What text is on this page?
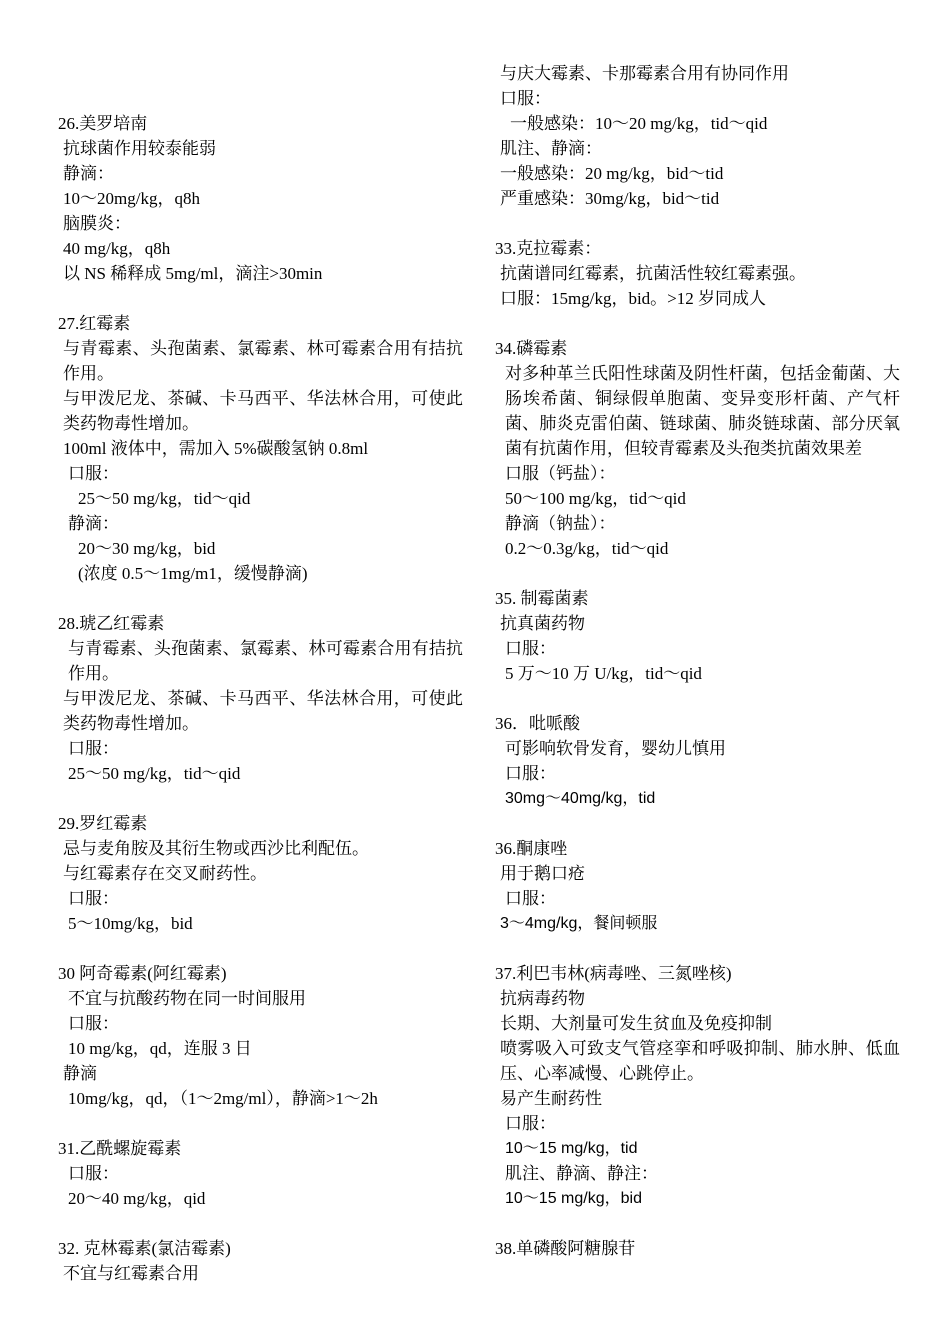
26.美罗培南
抗球菌作用较泰能弱
静滴：
10～20mg/kg，q8h
脑膜炎：
40 mg/kg，q8h
以 NS 稀释成 5mg/ml，滴注>30min
27.红霉素
与青霉素、头孢菌素、氯霉素、林可霉素合用有拮抗作用。
与甲泼尼龙、茶碱、卡马西平、华法林合用，可使此类药物毒性增加。
100ml 液体中，需加入 5%碳酸氢钠 0.8ml
口服：
25～50 mg/kg，tid～qid
静滴：
20～30 mg/kg，bid
(浓度 0.5～1mg/m1，缓慢静滴)
28.琥乙红霉素
与青霉素、头孢菌素、氯霉素、林可霉素合用有拮抗作用。
与甲泼尼龙、茶碱、卡马西平、华法林合用，可使此类药物毒性增加。
口服：
25～50 mg/kg，tid～qid
29.罗红霉素
忌与麦角胺及其衍生物或西沙比利配伍。
与红霉素存在交叉耐药性。
口服：
5～10mg/kg，bid
30 阿奇霉素(阿红霉素)
不宜与抗酸药物在同一时间服用
口服：
10 mg/kg，qd，连服 3 日
静滴
10mg/kg，qd，（1～2mg/ml），静滴>1～2h
31.乙酰螺旋霉素
口服：
20～40 mg/kg，qid
32. 克林霉素(氯洁霉素)
不宜与红霉素合用
与庆大霉素、卡那霉素合用有协同作用
口服：
一般感染：10～20 mg/kg，tid～qid
肌注、静滴：
一般感染：20 mg/kg，bid～tid
严重感染：30mg/kg，bid～tid
33.克拉霉素：
抗菌谱同红霉素，抗菌活性较红霉素强。
口服：15mg/kg，bid。>12 岁同成人
34.磷霉素
对多种革兰氏阳性球菌及阴性杆菌，包括金葡菌、大肠埃希菌、铜绿假单胞菌、变异变形杆菌、产气杆菌、肺炎克雷伯菌、链球菌、肺炎链球菌、部分厌氧菌有抗菌作用，但较青霉素及头孢类抗菌效果差
口服（钙盐）：
50～100 mg/kg，tid～qid
静滴（钠盐）：
0.2～0.3g/kg，tid～qid
35. 制霉菌素
抗真菌药物
口服：
5 万～10 万 U/kg，tid～qid
36．吡哌酸
可影响软骨发育，婴幼儿慎用
口服：
30mg～40mg/kg，tid
36.酮康唑
用于鹅口疮
口服：
3～4mg/kg，餐间顿服
37.利巴韦林(病毒唑、三氮唑核)
抗病毒药物
长期、大剂量可发生贫血及免疫抑制
喷雾吸入可致支气管痉挛和呼吸抑制、肺水肿、低血压、心率减慢、心跳停止。
易产生耐药性
口服：
10～15 mg/kg，tid
肌注、静滴、静注：
10～15 mg/kg，bid
38.单磷酸阿糖腺苷
